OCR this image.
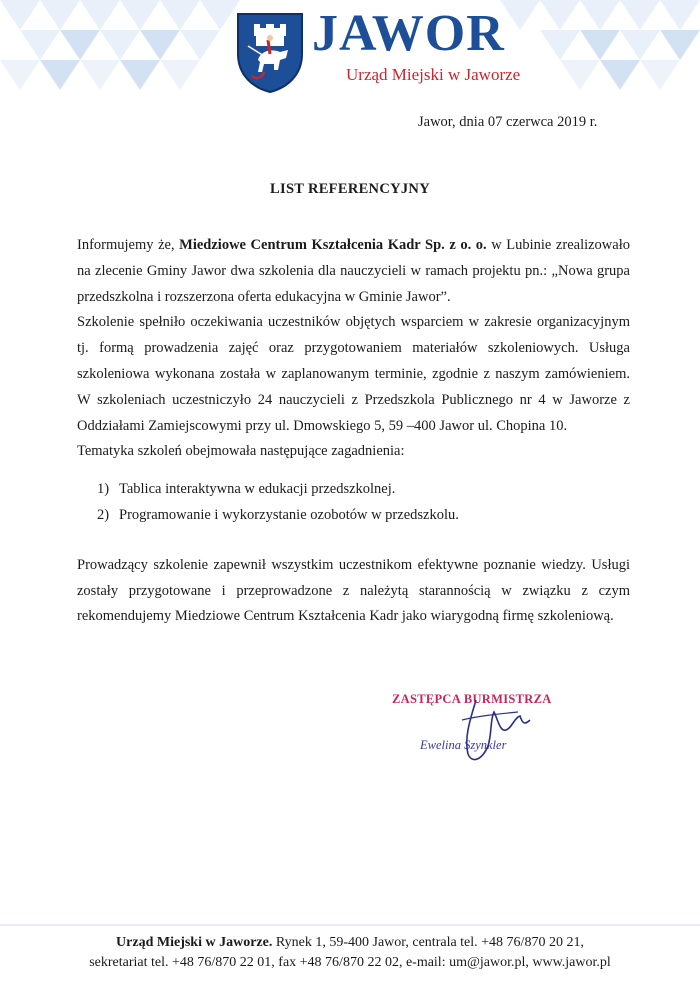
JAWOR
Urząd Miejski w Jaworze
Jawor, dnia 07 czerwca 2019 r.
LIST REFERENCYJNY

Informujemy że, Miedziowe Centrum Kształcenia Kadr Sp. z o. o. w Lubinie zrealizowało na zlecenie Gminy Jawor dwa szkolenia dla nauczycieli w ramach projektu pn.: „Nowa grupa przedszkolna i rozszerzona oferta edukacyjna w Gminie Jawor”.

Szkolenie spełniło oczekiwania uczestników objętych wsparciem w zakresie organizacyjnym tj. formą prowadzenia zajęć oraz przygotowaniem materiałów szkoleniowych. Usługa szkoleniowa wykonana została w zaplanowanym terminie, zgodnie z naszym zamówieniem. W szkoleniach uczestniczyło 24 nauczycieli z Przedszkola Publicznego nr 4 w Jaworze z Oddziałami Zamiejscowymi przy ul. Dmowskiego 5, 59 –400 Jawor ul. Chopina 10.

Tematyka szkoleń obejmowała następujące zagadnienia:

1) Tablica interaktywna w edukacji przedszkolnej.
2) Programowanie i wykorzystanie ozobotów w przedszkolu.

Prowadzący szkolenie zapewnił wszystkim uczestnikom efektywne poznanie wiedzy. Usługi zostały przygotowane i przeprowadzone z należytą starannością w związku z czym rekomendujemy Miedziowe Centrum Kształcenia Kadr jako wiarygodną firmę szkoleniową.

ZASTĘPCA BURMISTRZA
Ewelina Szynkler
Urząd Miejski w Jaworze. Rynek 1, 59-400 Jawor, centrala tel. +48 76/870 20 21,
sekretariat tel. +48 76/870 22 01, fax +48 76/870 22 02, e-mail: um@jawor.pl, www.jawor.pl
